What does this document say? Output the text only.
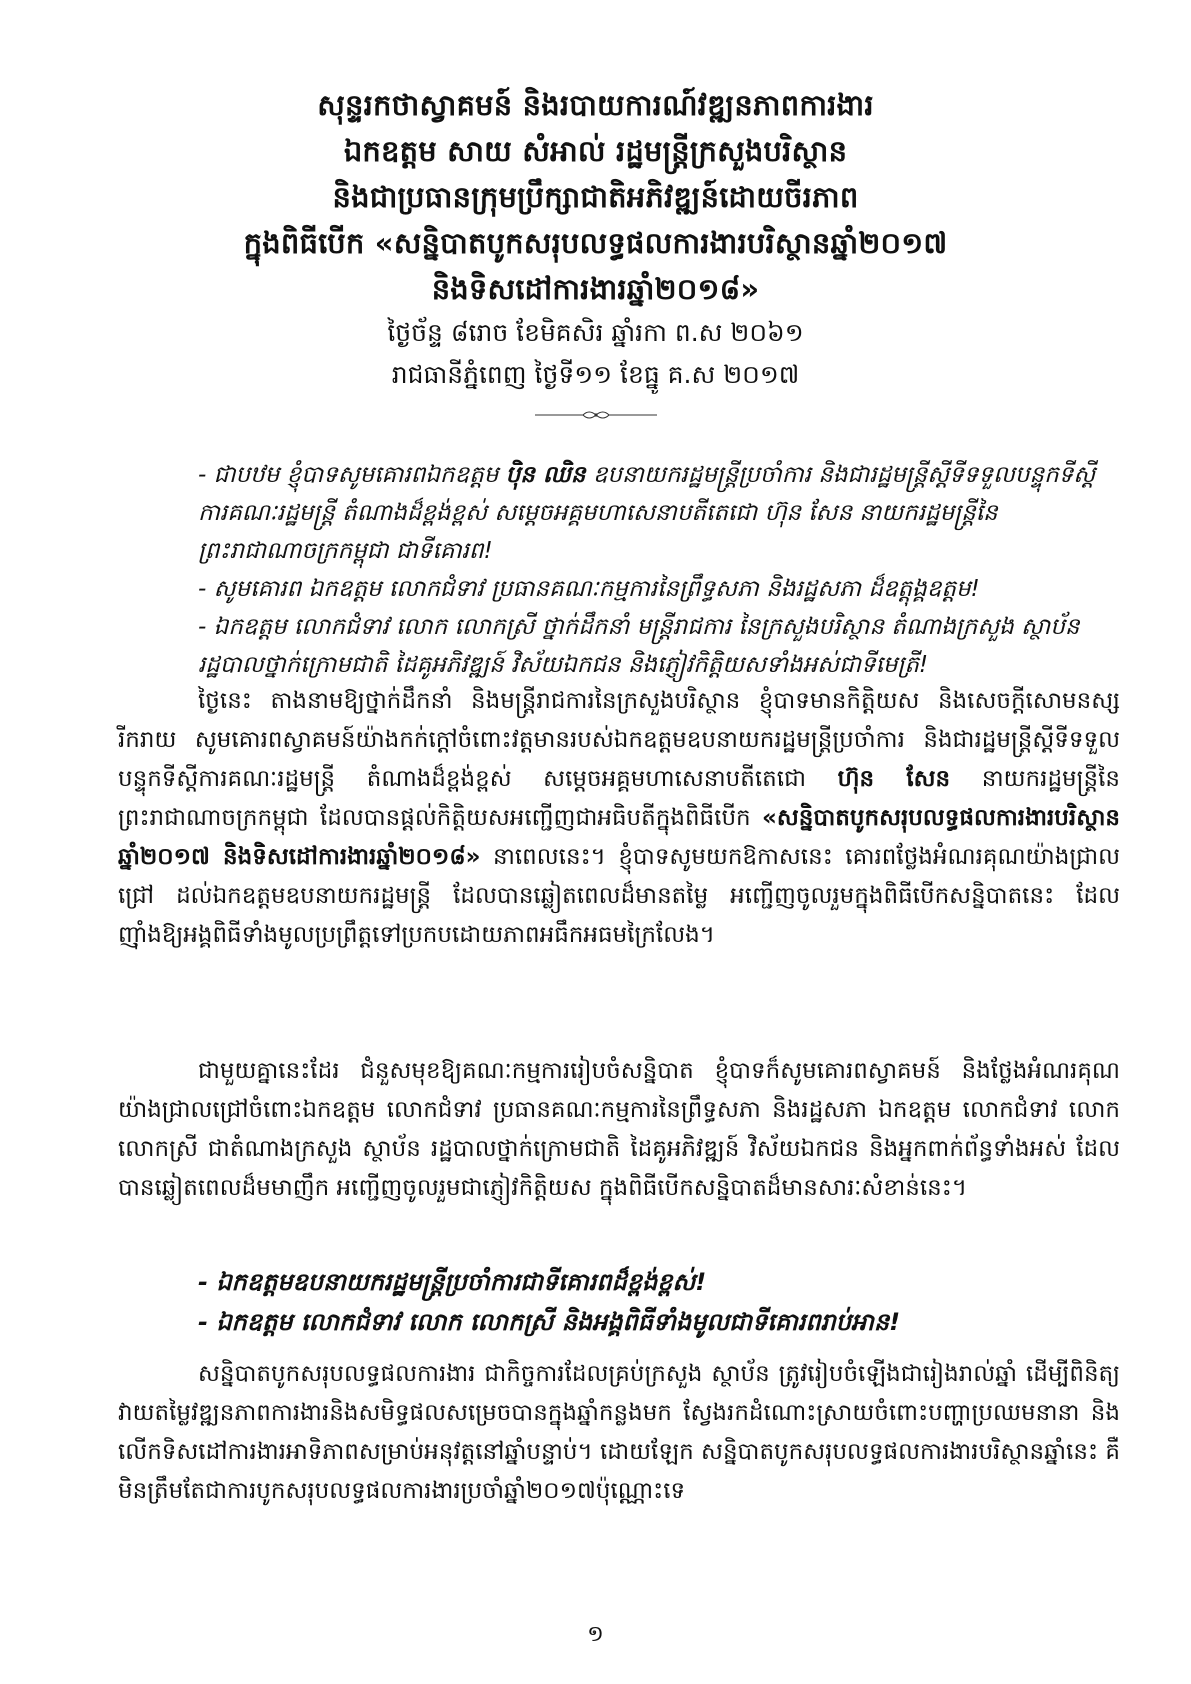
សុន្ទរកថាស្វាគមន៍ និងរបាយការណ៍វឌ្ឍនភាពការងារ
ឯកឧត្តម សាយ សំអាល់ រដ្ឋមន្ត្រីក្រសួងបរិស្ថាន
និងជាប្រធានក្រុមប្រឹក្សាជាតិអភិវឌ្ឍន៍ដោយចីរភាព
ក្នុងពិធីបើក «សន្និបាតបូកសរុបលទ្ធផលការងារបរិស្ថានឆ្នាំ២០១៧
និងទិសដៅការងារឆ្នាំ២០១៨»
ថ្ងៃច័ន្ទ ៨រោច ខែមិគសិរ ឆ្នាំរកា ព.ស ២០៦១
រាជធានីភ្នំពេញ ថ្ងៃទី១១ ខែធ្នូ គ.ស ២០១៧

- ជាបឋម ខ្ញុំបាទសូមគោរពឯកឧត្តម ប៉ិន ឈិន ឧបនាយករដ្ឋមន្ត្រីប្រចាំការ និងជារដ្ឋមន្ត្រីស្តីទីទទួលបន្ទុកទីស្តីការគណៈរដ្ឋមន្ត្រី តំណាងដ៏ខ្ពង់ខ្ពស់ សម្តេចអគ្គមហាសេនាបតីតេជោ ហ៊ុន សែន នាយករដ្ឋមន្ត្រីនៃព្រះរាជាណាចក្រកម្ពុជា ជាទីគោរព!

- សូមគោរព ឯកឧត្តម លោកជំទាវ ប្រធានគណៈកម្មការនៃព្រឹទ្ធសភា និងរដ្ឋសភា ដ៏ឧត្តុង្គឧត្តម!

- ឯកឧត្តម លោកជំទាវ លោក លោកស្រី ថ្នាក់ដឹកនាំ មន្ត្រីរាជការ នៃក្រសួងបរិស្ថាន តំណាងក្រសួង ស្ថាប័ន រដ្ឋបាលថ្នាក់ក្រោមជាតិ ដៃគូអភិវឌ្ឍន៍ វិស័យឯកជន និងភ្ញៀវកិត្តិយសទាំងអស់ជាទីមេត្រី!

ថ្ងៃនេះ តាងនាមឱ្យថ្នាក់ដឹកនាំ និងមន្ត្រីរាជការនៃក្រសួងបរិស្ថាន ខ្ញុំបាទមានកិត្តិយស និងសេចក្តីសោមនស្សរីករាយ សូមគោរពស្វាគមន៍យ៉ាងកក់ក្តៅចំពោះវត្តមានរបស់ឯកឧត្តមឧបនាយករដ្ឋមន្ត្រីប្រចាំការ និងជារដ្ឋមន្ត្រីស្តីទីទទួលបន្ទុកទីស្តីការគណៈរដ្ឋមន្ត្រី តំណាងដ៏ខ្ពង់ខ្ពស់ សម្តេចអគ្គមហាសេនាបតីតេជោ ហ៊ុន សែន នាយករដ្ឋមន្ត្រីនៃព្រះរាជាណាចក្រកម្ពុជា ដែលបានផ្តល់កិត្តិយសអញ្ជើញជាអធិបតីក្នុងពិធីបើក «សន្និបាតបូកសរុបលទ្ធផលការងារបរិស្ថានឆ្នាំ២០១៧ និងទិសដៅការងារឆ្នាំ២០១៨» នាពេលនេះ។ ខ្ញុំបាទសូមយកឱកាសនេះ គោរពថ្លែងអំណរគុណយ៉ាងជ្រាលជ្រៅ ដល់ឯកឧត្តមឧបនាយករដ្ឋមន្ត្រី ដែលបានឆ្លៀតពេលដ៏មានតម្លៃ អញ្ជើញចូលរួមក្នុងពិធីបើកសន្និបាតនេះ ដែលញ៉ាំងឱ្យអង្គពិធីទាំងមូលប្រព្រឹត្តទៅប្រកបដោយភាពអធឹកអធមក្រៃលែង។

ជាមួយគ្នានេះដែរ ជំនួសមុខឱ្យគណៈកម្មការរៀបចំសន្និបាត ខ្ញុំបាទក៏សូមគោរពស្វាគមន៍ និងថ្លែងអំណរគុណយ៉ាងជ្រាលជ្រៅចំពោះឯកឧត្តម លោកជំទាវ ប្រធានគណៈកម្មការនៃព្រឹទ្ធសភា និងរដ្ឋសភា ឯកឧត្តម លោកជំទាវ លោក លោកស្រី ជាតំណាងក្រសួង ស្ថាប័ន រដ្ឋបាលថ្នាក់ក្រោមជាតិ ដៃគូអភិវឌ្ឍន៍ វិស័យឯកជន និងអ្នកពាក់ព័ន្ធទាំងអស់ ដែលបានឆ្លៀតពេលដ៏មមាញឹក អញ្ជើញចូលរួមជាភ្ញៀវកិត្តិយស ក្នុងពិធីបើកសន្និបាតដ៏មានសារៈសំខាន់នេះ។

- ឯកឧត្តមឧបនាយករដ្ឋមន្ត្រីប្រចាំការជាទីគោរពដ៏ខ្ពង់ខ្ពស់!

- ឯកឧត្តម លោកជំទាវ លោក លោកស្រី និងអង្គពិធីទាំងមូលជាទីគោរពរាប់អាន!

សន្និបាតបូកសរុបលទ្ធផលការងារ ជាកិច្ចការដែលគ្រប់ក្រសួង ស្ថាប័ន ត្រូវរៀបចំឡើងជារៀងរាល់ឆ្នាំ ដើម្បីពិនិត្យវាយតម្លៃវឌ្ឍនភាពការងារនិងសមិទ្ធផលសម្រេចបានក្នុងឆ្នាំកន្លងមក ស្វែងរកដំណោះស្រាយចំពោះបញ្ហាប្រឈមនានា និងលើកទិសដៅការងារអាទិភាពសម្រាប់អនុវត្តនៅឆ្នាំបន្ទាប់។ ដោយឡែក សន្និបាតបូកសរុបលទ្ធផលការងារបរិស្ថានឆ្នាំនេះ គឺមិនត្រឹមតែជាការបូកសរុបលទ្ធផលការងារប្រចាំឆ្នាំ២០១៧ប៉ុណ្ណោះទេ

១
